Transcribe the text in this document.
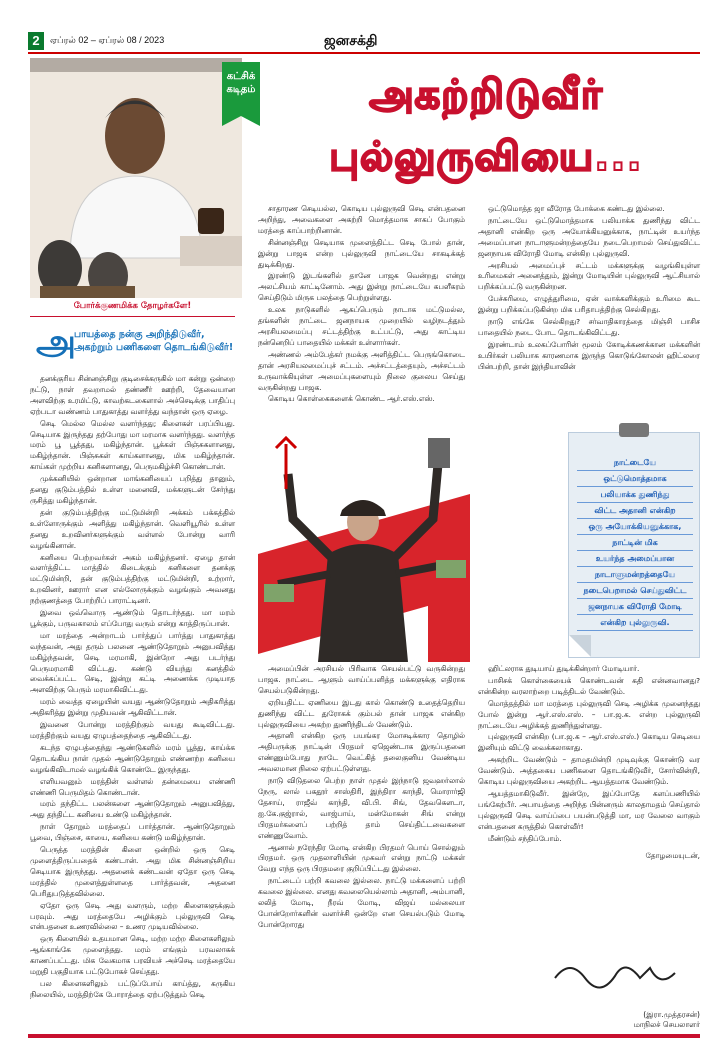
2	ஏப்ரல் 02 – ஏப்ரல் 08 / 2023	ஜனசக்தி
கட்சிக்
கடிதம்	அகற்றிடுவீர்
புல்லுருவியை...
போர்க்குணமிக்க தோழர்களே!
அ
பாயத்தை நன்கு அறிந்திடுவீர், அகற்றும் பணிகளை தொடங்கிடுவீர்!

தனக்குரிய சின்னஞ்சிறு குடிசைக்கருகில் மா கன்று ஒன்றை நட்டு, நாள் தவறாமல் தண்ணீர் ஊற்றி, தேவையான அளவிற்கு உரமிட்டு, காவற்கடகைளால் அச்செடிக்கு பாதிப்பு ஏற்படா வண்ணம் பாதுகாத்து வளர்த்து வந்தான் ஒரு ஏழை.

செடி மெல்ல மெல்ல வளர்ந்தது; கிளைகள் பரப்பியது. செடியாக இருந்தது தற்போது மா மரமாக வளர்ந்தது. வளர்ந்த மரம் பூ பூத்தது, மகிழ்ந்தான். பூக்கள் பிஞ்சுகளானது, மகிழ்ந்தான். பிஞ்சுகள் காய்களானது, மிக மகிழ்ந்தான். காய்கள் முற்றிய கனிகளானது, பெருமகிழ்ச்சி கொண்டான்.

முக்கனியில் ஒன்றான மாங்கனியைப் பறித்து தானும், தனது குடும்பத்தில் உள்ள மனைவி, மக்களுடன் சேர்ந்து ருசித்து மகிழ்ந்தான்.

தன் குடும்பத்திற்கு மட்டுமின்றி அக்கம் பக்கத்தில் உள்ளோருக்கும் அளித்து மகிழ்ந்தான். வெளியூரில் உள்ள தனது உறவினர்களுக்கும் வள்ளல் போன்று வாரி வழங்கினான்.

கனியை பெற்றவர்கள் அகம் மகிழ்ந்தனர். ஏழை தான் வளர்த்திட்ட மாத்தில் கிடைக்கும் கனிகளை தனக்கு மட்டுமின்றி, தன் குடும்பத்திற்கு மட்டுமின்றி, உற்றார், உறவினர், ஊரார் என எல்லோருக்கும் வழங்கும் அவனது நற்குணத்தை போற்றிப் பாராட்டினர்.

இவை ஒவ்வொரு ஆண்டும் தொடர்ந்தது. மா மரம் பூக்கும், பருவகாலம் எப்போது வரும் என்று காத்திருப்பான்.

மா மரத்தை அன்றாடம் பார்த்துப் பார்த்து பாதுகாத்து வந்தவன், அது தரும் பலனை ஆண்டுதோறும் அனுபவித்து மகிழ்ந்தவன், செடி மரமாகி, இன்றோ அது படர்ந்து பெருமரமாகி விட்டது. கண்டு வியந்து கனத்தில் வைக்கப்பட்ட செடி, இன்று கட்டி அணைக்க முடியாத அளவிற்கு பெரும் மரமாகிவிட்டது.

மரம் வைத்த ஏழையின் வயது ஆண்டுதோறும் அதிகரித்து அதிகரித்து இன்று முதியவன் ஆகிவிட்டான்.

இவனை போன்று மரத்திற்கும் வயது கூடிவிட்டது. மரத்திற்கும் வயது ஏழுபத்தைந்தை ஆகிவிட்டது.

கடந்த ஏழுபத்தைந்து ஆண்டுகளில் மரம் பூத்து, காய்க்க தொடங்கிய நாள் முதல் ஆண்டுதோறும் எண்ணற்ற கனியை வழங்கிவிடாமல் வழங்கிக் கொண்டே இருந்தது.

எளியவனும் மரத்தின் வள்ளல் தன்மையை எண்ணி எண்ணி பெருமிதம் கொண்டான்.

மரம் தந்திட்ட பலன்களை ஆண்டுதோறும் அனுபவித்து, அது தந்திட்ட கனியை உண்டு மகிழ்ந்தான்.

நாள் தோறும் மரத்தைப் பார்த்தான். ஆண்டுதோறும் பூவை, பிஞ்சை, காயை, கனியை கண்டு மகிழ்ந்தான்.

பெருத்த மரத்தின் கிளை ஒன்றில் ஒரு செடி முளைத்திருப்பதைக் கண்டான். அது மிக சின்னஞ்சிறிய செடியாக இருந்தது. அதனைக் கண்டவன் ஏதோ ஒரு செடி மரத்தில் முளைத்துள்ளதை பார்த்தவன், அதனை பெரிதுபடுத்தவில்லை.

ஏதோ ஒரு செடி அது வளரும், மற்ற கிளைகளுக்கும் பரவும். அது மரத்தையே அழிக்கும் புல்லுருவி செடி என்பதனை உணரவில்லை – உணர முடியவில்லை.

ஒரு கிளையில் உதயமான செடி, மற்ற மற்ற கிளைகளிலும் ஆங்காங்கே முளைத்தது. மரம் எங்கும் பரவலாகக் காணப்பட்டது. மிக வேகமாக பரவியச் அச்செடி மரத்தையே மறுதி பகுதியாக பட்டுபோகச் செய்தது.

பல கிளைகளிலும் பட்டுப்போய் காய்த்து, கருகிய நிலையில், மரத்திற்கே போராத்தை ஏற்படுத்தும் செடி

சாதாரண செடியல்ல, கொடிய புல்லுருவி செடி என்பதனை அறிந்து, அவைகளை அகற்றி மொத்தமாக சாகப் போகும் மரத்தை காப்பாற்றினான்.

சின்னஞ்சிறு செடியாக முளைத்திட்ட செடி போல் தான், இன்று பாஜக என்ற புல்லுருவி நாட்டையே சாகடிக்கத் துடிக்கிறது.

இரண்டு இடங்களில் தானே பாஜக வென்றது என்று அலட்சியம் காட்டினோம். அது இன்று நாட்டையே கபளீகரம் செய்திடும் மிருக பலத்தை பெற்றுள்ளது.

உலக நாடுகளில் ஆகப்பெரும் நாடாக மட்டுமல்ல, தங்களின் நாட்டை ஜனநாயக முறையில் வழிநடத்தும் அரசியலமைப்பு சட்டத்திற்கு உட்பட்டு, அது காட்டிய நன்னெறிப் பாதையில் மக்கள் உள்ளார்கள்.

அண்ணல் அம்பேத்கர் நமக்கு அளித்திட்ட பெருங்கொடை தான் அரசியலமைப்புச் சட்டம். அச்சட்டத்தையும், அச்சட்டம் உருவாக்கியுள்ள அமைப்புகளையும் நிலை குலைய செய்து வருகின்றது பாஜக.

கொடிய கொள்கைகளைக் கொண்ட ஆர்.எஸ்.எஸ்.

அமைப்பின் அரசியல் பிரிவாக செயல்பட்டு வருகின்றது பாஜக. நாட்டை ஆளும் வாய்ப்பளித்த மக்களுக்கு எதிராக செயல்படுகின்றது.

ஏறியதிட்ட ஏணியை இடது கால் கொண்டு உதைத்தெறிய துணிந்து விட்ட துரோகக் கும்பல் தான் பாஜக என்கிற புல்லுருவியை அகற்ற துணிந்திடல் வேண்டும்.

அதானி என்கிற ஒரு பயங்கர மோசடிக்கார தொழில் அதிபருக்கு நாட்டின் பிரதமர் ஏஜெண்டாக இருப்பதனை எண்ணும்போது நாடே வெட்கித் தலைகுனிய வேண்டிய அவலமான நிலை ஏற்பட்டுள்ளது.

நாடு விடுதலை பெற்ற நாள் முதல் இந்நாடு ஜவஹர்லால் நேரு, லால் பகதூர் சாஸ்திரி, இந்திரா காந்தி, மொரார்ஜி தேசாய், ராஜீவ் காந்தி, வி.பி. சிங், தேவகௌடா, ஐ.கே.குஜ்ரால், வாஜ்பாய், மன்மோகன் சிங் என்று பிரதமர்களைப் பற்றித் தாம் செய்திட்டவைகளை எண்ணுவோம்.

ஆனால் நரேந்திர மோடி என்கிற பிரதமர் பொய் சொல்லும் பிரதமர். ஒரு முதலாளியின் முகவர் என்று நாட்டு மக்கள் வேறு எந்த ஒரு பிரதமரை குறிப்பிட்டது இல்லை.

நாட்டைப் பற்றி கவலை இல்லை. நாட்டு மக்களைப் பற்றி கவலை இல்லை. எனது கவலையெல்லாம் அதானி, அம்பானி, லலித் மோடி, நீரவ் மோடி, விஜய் மல்லையா போன்றோர்களின் வளர்ச்சி ஒன்றே என செயல்படும் மோடி போன்றோரது

ஒட்டுமொத்த ஜா வீரோத போக்கை கண்டது இல்லை.

நாட்டையே ஒட்டுமொத்தமாக பலியாக்க துணிந்து விட்ட அதானி என்கிற ஒரு அயோக்கியனுக்காக, நாட்டின் உயர்ந்த அமைப்பான நாடாளுமன்றத்தையே நடைபெறாமல் செய்துவிட்ட ஜனநாயக விரோதி மோடி என்கிற புல்லுருவி.

அரசியல் அமைப்புச் சட்டம் மக்களுக்கு வழங்கியுள்ள உரிமைகள் அனைத்தும், இன்று மோடியின் புல்லுருவி ஆட்சியால் பறிக்கப்பட்டு வருகின்றன.

பேச்சுரிமை, எழுத்துரிமை, ஏன் வாக்களிக்கும் உரிமை கூட இன்று பறிக்கப்படுகின்ற மிக பரிதாபத்திற்கு செல்கிறது.

நாடு எங்கே செல்கிறது? சர்வாதிகாரத்தை மிஞ்சி பாசிச பாதையில் நடை போட தொடங்கிவிட்டது.

இரண்டாம் உலகப்போரின் மூலம் கோடிக்கணக்கான மக்களின் உயிர்கள் பலியாக காரணமாக இருந்த கொடுங்கோலன் ஹிட்லரை பின்பற்றி, தான் இந்தியாவின்

நாட்டையே
ஒட்டுமொத்தமாக
பலியாக்க துணிந்து
விட்ட அதானி என்கிற
ஒரு அயோக்கியனுக்காக,
நாட்டின் மிக
உயர்ந்த அமைப்பான
நாடாளுமன்றத்தையே
நடைபெறாமல் செய்துவிட்ட
ஜனநாயக விரோதி மோடி
என்கிற புல்லுருவி.

ஹிட்லராக துடியாய் துடிக்கின்றார் மோடியார்.

பாசிசக் கொள்கையைக் கொண்டவன் கதி என்னவானது? என்கின்ற வரலாற்றை படித்திடல் வேண்டும்.

மொத்தத்தில் மா மரத்தை புல்லுருவி செடி அழிக்க முனைந்தது போல் இன்று ஆர்.எஸ்.எஸ். – பா.ஜ.க. என்ற புல்லுருவி நாட்டையே அழிக்கத் துணிந்துள்ளது.

புல்லுருவி என்கிற (பா.ஜ.க – ஆர்.எஸ்.எஸ்.) கொடிய செடியை இனியும் விட்டு வைக்கலாகாது.

அகற்றிட வேண்டும் – தாமதமின்றி முடிவுக்கு கொண்டு வர வேண்டும். அத்தகைய பணிகளை தொடங்கிடுவீர், சோர்வின்றி, கொடிய புல்லுருவியை அகற்றிட ஆயத்தமாக வேண்டும்.

ஆயத்தமாகிடுவீர். இன்றே, இப்போதே களப்பணியில் பங்கேற்பீர். அபாயத்தை அறிந்த பின்னரும் காலதாமதம் செய்தால் புல்லுருவி செடி வாய்ப்பை பயன்படுத்தி மா, மர வேலை வாகும் என்பதனை கருத்தில் கொள்வீர்!

மீண்டும் சந்திப்போம்.

தோழமையுடன்,

(இரா.முத்தரசன்)
மாநிலச் செயலாளர்
